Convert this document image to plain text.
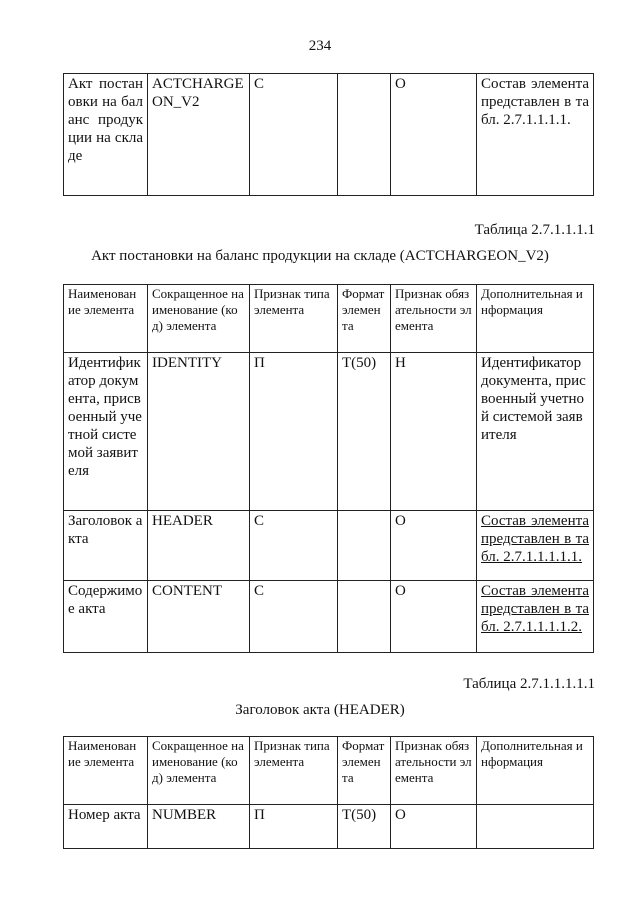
234
Акт постановки на баланс продукции на складе	ACTCHARGEON_V2	С		О	Состав элемента представлен в табл. 2.7.1.1.1.1.
Таблица 2.7.1.1.1.1
Акт постановки на баланс продукции на складе (ACTCHARGEON_V2)
Наименование элемента	Сокращенное наименование (код) элемента	Признак типа элемента	Формат элемента	Признак обязательности элемента	Дополнительная информация
Идентификатор документа, присвоенный учетной системой заявителя	IDENTITY	П	T(50)	Н	Идентификатор документа, присвоенный учетной системой заявителя
Заголовок акта	HEADER	С		О	Состав элемента представлен в табл. 2.7.1.1.1.1.1.
Содержимое акта	CONTENT	С		О	Состав элемента представлен в табл. 2.7.1.1.1.1.2.
Таблица 2.7.1.1.1.1.1
Заголовок акта (HEADER)
Наименование элемента	Сокращенное наименование (код) элемента	Признак типа элемента	Формат элемента	Признак обязательности элемента	Дополнительная информация
Номер акта	NUMBER	П	T(50)	О	
